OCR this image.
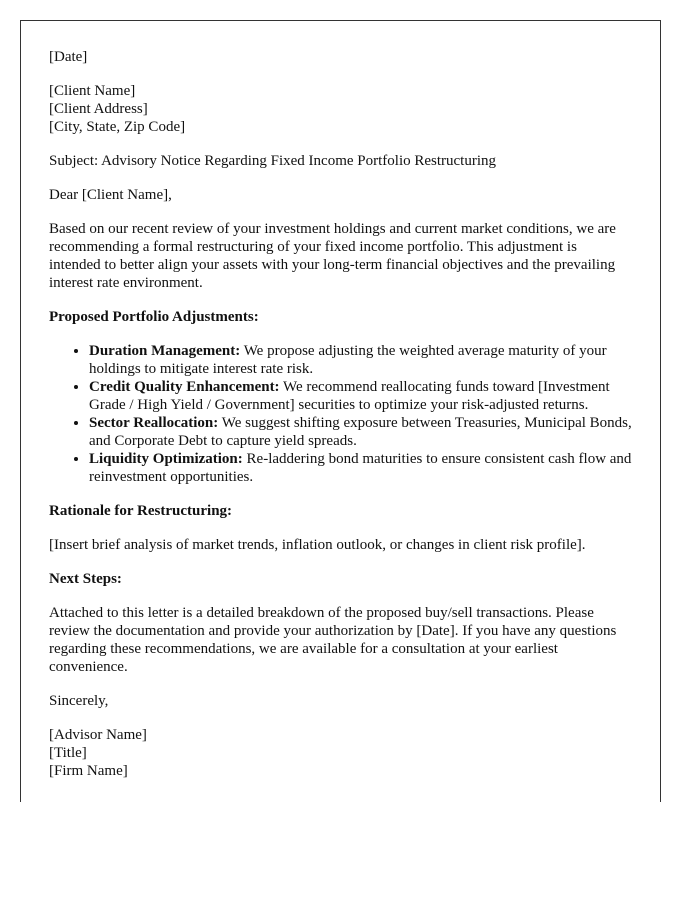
[Date]

[Client Name]

[Client Address]

[City, State, Zip Code]

Subject: Advisory Notice Regarding Fixed Income Portfolio Restructuring

Dear [Client Name],

Based on our recent review of your investment holdings and current market conditions, we are recommending a formal restructuring of your fixed income portfolio. This adjustment is intended to better align your assets with your long-term financial objectives and the prevailing interest rate environment.

Proposed Portfolio Adjustments:

• Duration Management: We propose adjusting the weighted average maturity of your holdings to mitigate interest rate risk.
• Credit Quality Enhancement: We recommend reallocating funds toward [Investment Grade / High Yield / Government] securities to optimize your risk-adjusted returns.
• Sector Reallocation: We suggest shifting exposure between Treasuries, Municipal Bonds, and Corporate Debt to capture yield spreads.
• Liquidity Optimization: Re-laddering bond maturities to ensure consistent cash flow and reinvestment opportunities.

Rationale for Restructuring:

[Insert brief analysis of market trends, inflation outlook, or changes in client risk profile].

Next Steps:

Attached to this letter is a detailed breakdown of the proposed buy/sell transactions. Please review the documentation and provide your authorization by [Date]. If you have any questions regarding these recommendations, we are available for a consultation at your earliest convenience.

Sincerely,

[Advisor Name]

[Title]

[Firm Name]
